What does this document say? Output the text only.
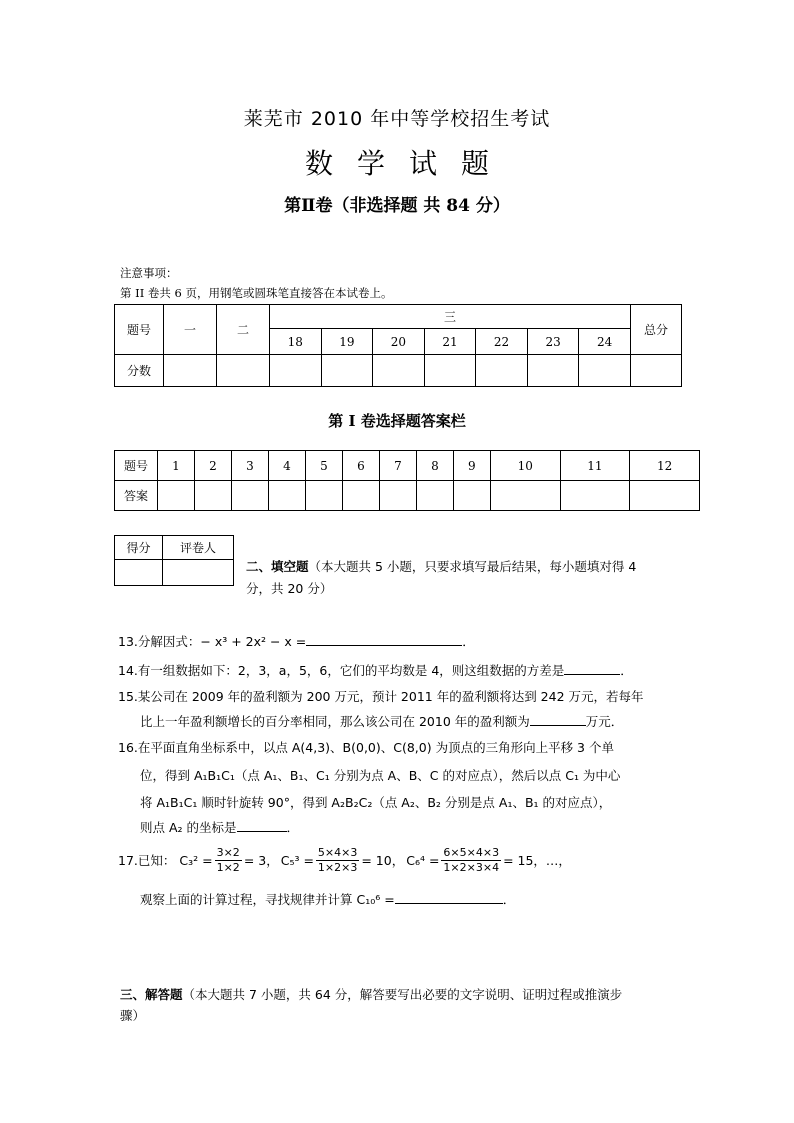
莱芜市 2010 年中等学校招生考试
数 学 试 题
第Ⅱ卷（非选择题 共 84 分）
注意事项：
第 II 卷共 6 页，用钢笔或圆珠笔直接答在本试卷上。
题号	一	二	三							总分
			18	19	20	21	22	23	24	
分数										
第 I 卷选择题答案栏
题号	1	2	3	4	5	6	7	8	9	10	11	12
答案												
得分	评卷人

二、填空题（本大题共 5 小题，只要求填写最后结果，每小题填对得 4
分，共 20 分）
13.分解因式：− x³ + 2x² − x =	．
14.有一组数据如下：2，3，a，5，6，它们的平均数是 4，则这组数据的方差是	．
15.某公司在 2009 年的盈利额为 200 万元，预计 2011 年的盈利额将达到 242 万元，若每年
比上一年盈利额增长的百分率相同，那么该公司在 2010 年的盈利额为	万元．
16.在平面直角坐标系中，以点 A(4,3)、B(0,0)、C(8,0) 为顶点的三角形向上平移 3 个单
位，得到 A₁B₁C₁（点 A₁、B₁、C₁ 分别为点 A、B、C 的对应点），然后以点 C₁ 为中心
将 A₁B₁C₁ 顺时针旋转 90°，得到 A₂B₂C₂（点 A₂、B₂ 分别是点 A₁、B₁ 的对应点），
则点 A₂ 的坐标是	．
17.已知： $C_3^2 = \frac{3\times 2}{1\times 2} = 3$， $C_5^3 = \frac{5\times 4\times 3}{1\times 2\times 3} = 10$， $C_6^4 = \frac{6\times 5\times 4\times 3}{1\times 2\times 3\times 4} = 15$，…，
观察上面的计算过程，寻找规律并计算 C₁₀⁶ =	．
三、解答题（本大题共 7 小题，共 64 分，解答要写出必要的文字说明、证明过程或推演步
骤）
